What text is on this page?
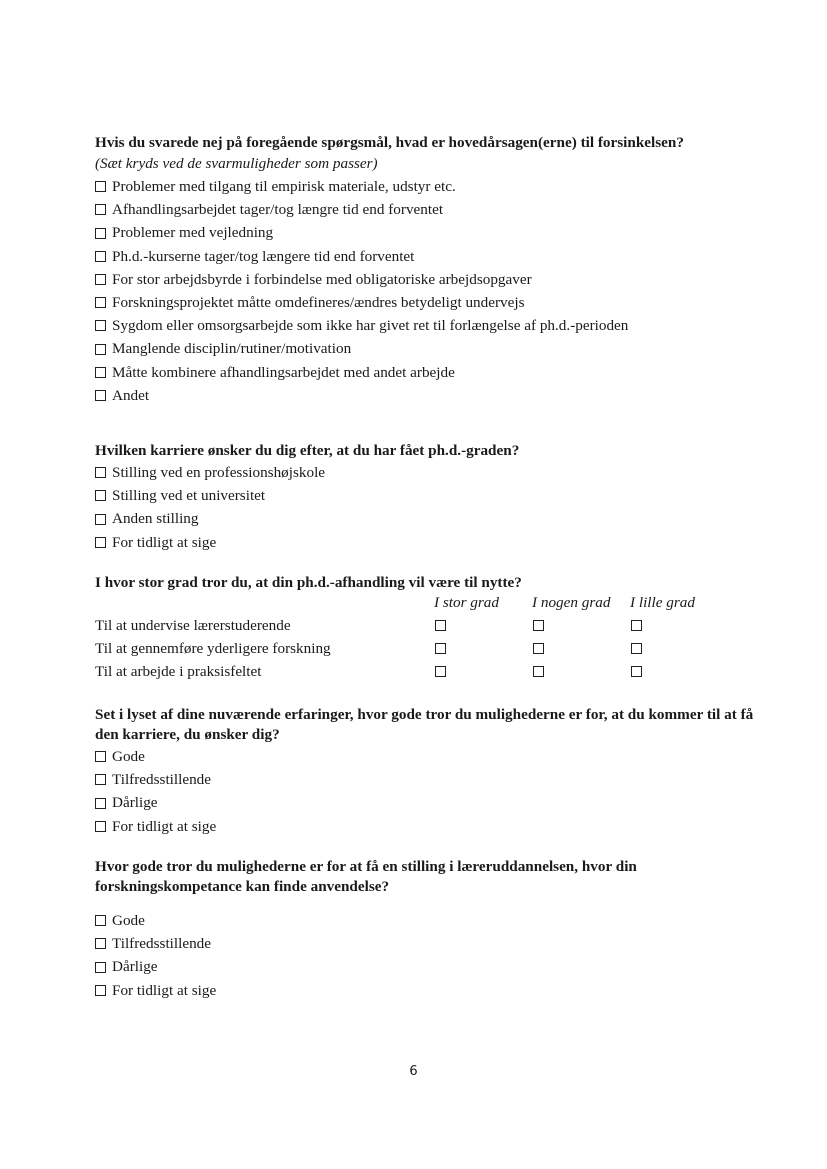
Hvis du svarede nej på foregående spørgsmål, hvad er hovedårsagen(erne) til forsinkelsen?

(Sæt kryds ved de svarmuligheder som passer)

Problemer med tilgang til empirisk materiale, udstyr etc.
Afhandlingsarbejdet tager/tog længre tid end forventet
Problemer med vejledning
Ph.d.-kurserne tager/tog længere tid end forventet
For stor arbejdsbyrde i forbindelse med obligatoriske arbejdsopgaver
Forskningsprojektet måtte omdefineres/ændres betydeligt undervejs
Sygdom eller omsorgsarbejde som ikke har givet ret til forlængelse af ph.d.-perioden
Manglende disciplin/rutiner/motivation
Måtte kombinere afhandlingsarbejdet med andet arbejde
Andet

Hvilken karriere ønsker du dig efter, at du har fået ph.d.-graden?

Stilling ved en professionshøjskole
Stilling ved et universitet
Anden stilling
For tidligt at sige

I hvor stor grad tror du, at din ph.d.-afhandling vil være til nytte?

I stor grad I nogen grad I lille grad
Til at undervise lærerstuderende
Til at gennemføre yderligere forskning
Til at arbejde i praksisfeltet

Set i lyset af dine nuværende erfaringer, hvor gode tror du mulighederne er for, at du kommer til at få den karriere, du ønsker dig?

Gode
Tilfredsstillende
Dårlige
For tidligt at sige

Hvor gode tror du mulighederne er for at få en stilling i læreruddannelsen, hvor din forskningskompetance kan finde anvendelse?

Gode
Tilfredsstillende
Dårlige
For tidligt at sige
6
